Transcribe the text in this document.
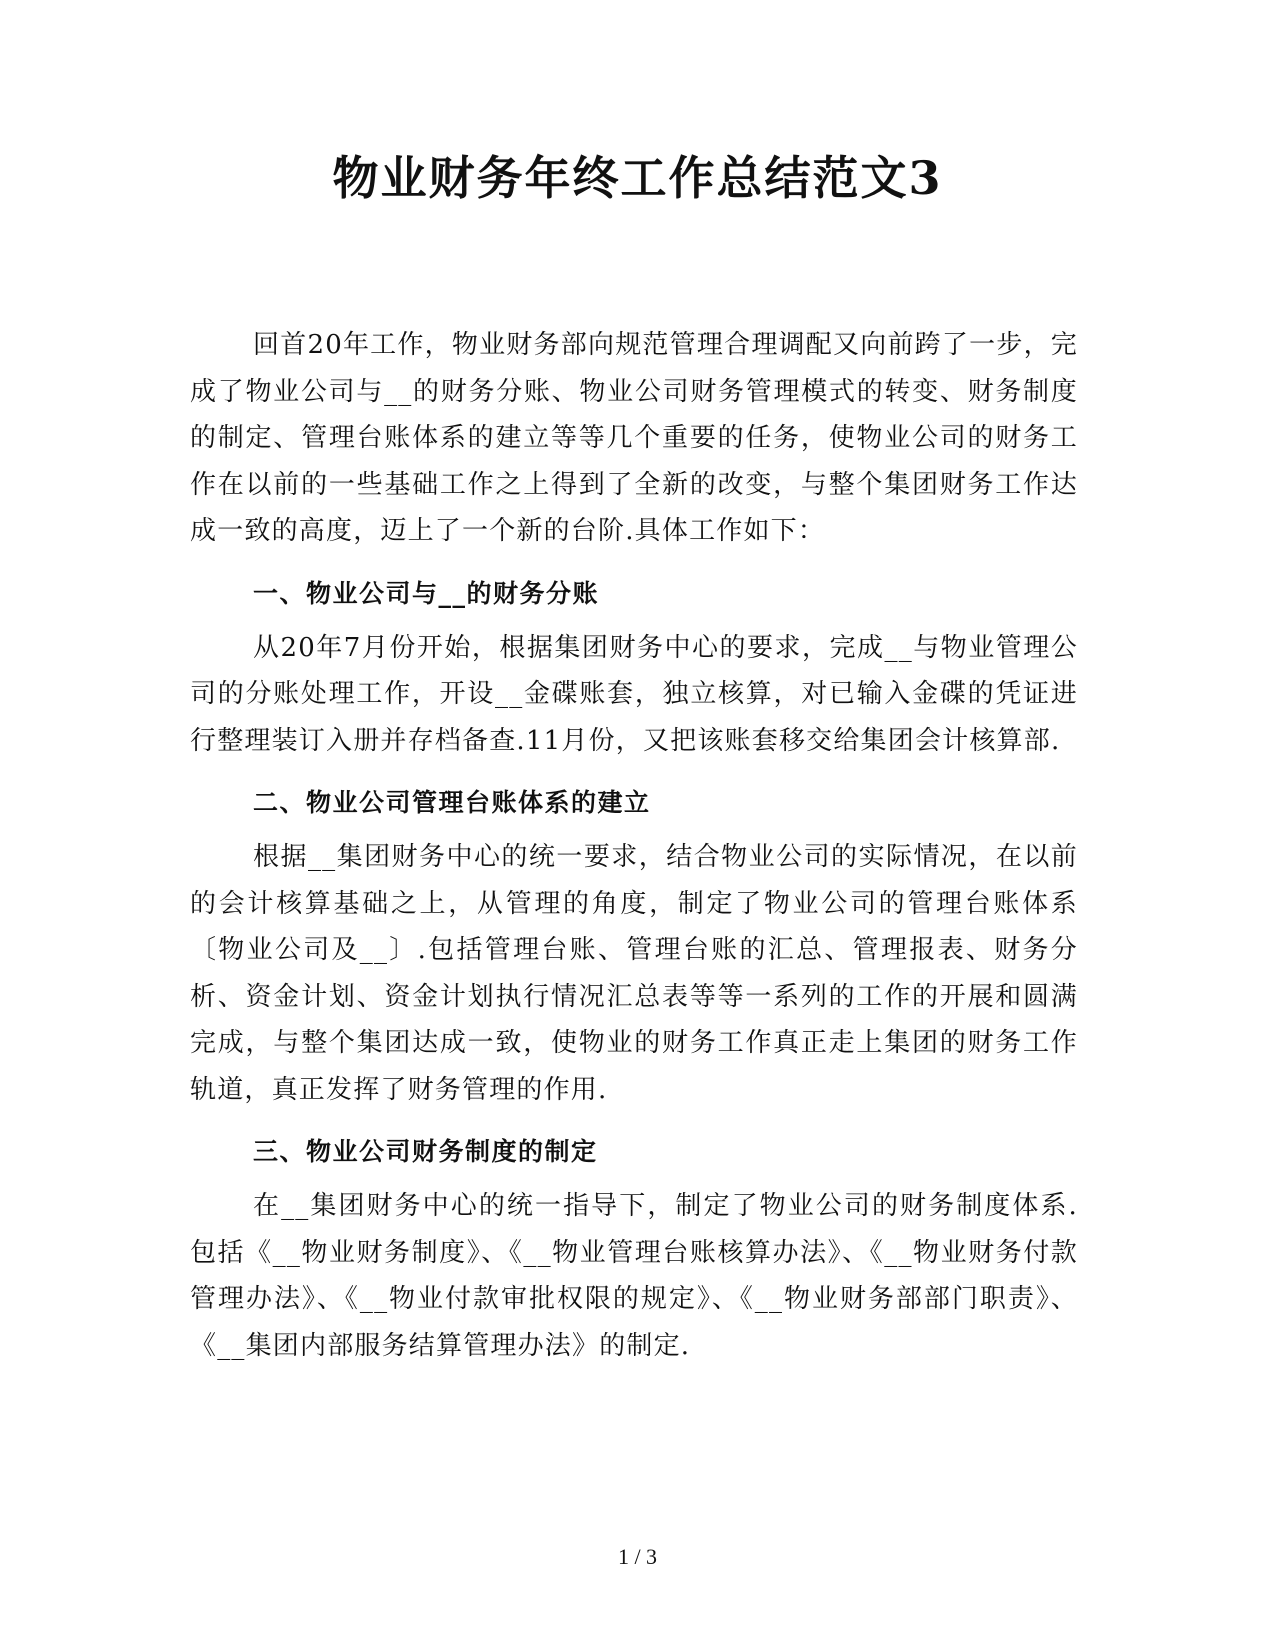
物业财务年终工作总结范文3

回首20年工作，物业财务部向规范管理合理调配又向前跨了一步，完成了物业公司与__的财务分账、物业公司财务管理模式的转变、财务制度的制定、管理台账体系的建立等等几个重要的任务，使物业公司的财务工作在以前的一些基础工作之上得到了全新的改变，与整个集团财务工作达成一致的高度，迈上了一个新的台阶.具体工作如下：

一、物业公司与__的财务分账

从20年7月份开始，根据集团财务中心的要求，完成__与物业管理公司的分账处理工作，开设__金碟账套，独立核算，对已输入金碟的凭证进行整理装订入册并存档备查.11月份，又把该账套移交给集团会计核算部.

二、物业公司管理台账体系的建立

根据__集团财务中心的统一要求，结合物业公司的实际情况，在以前的会计核算基础之上，从管理的角度，制定了物业公司的管理台账体系〔物业公司及__〕.包括管理台账、管理台账的汇总、管理报表、财务分析、资金计划、资金计划执行情况汇总表等等一系列的工作的开展和圆满完成，与整个集团达成一致，使物业的财务工作真正走上集团的财务工作轨道，真正发挥了财务管理的作用.

三、物业公司财务制度的制定

在__集团财务中心的统一指导下，制定了物业公司的财务制度体系.包括《__物业财务制度》、《__物业管理台账核算办法》、《__物业财务付款管理办法》、《__物业付款审批权限的规定》、《__物业财务部部门职责》、《__集团内部服务结算管理办法》的制定.

1 / 3
